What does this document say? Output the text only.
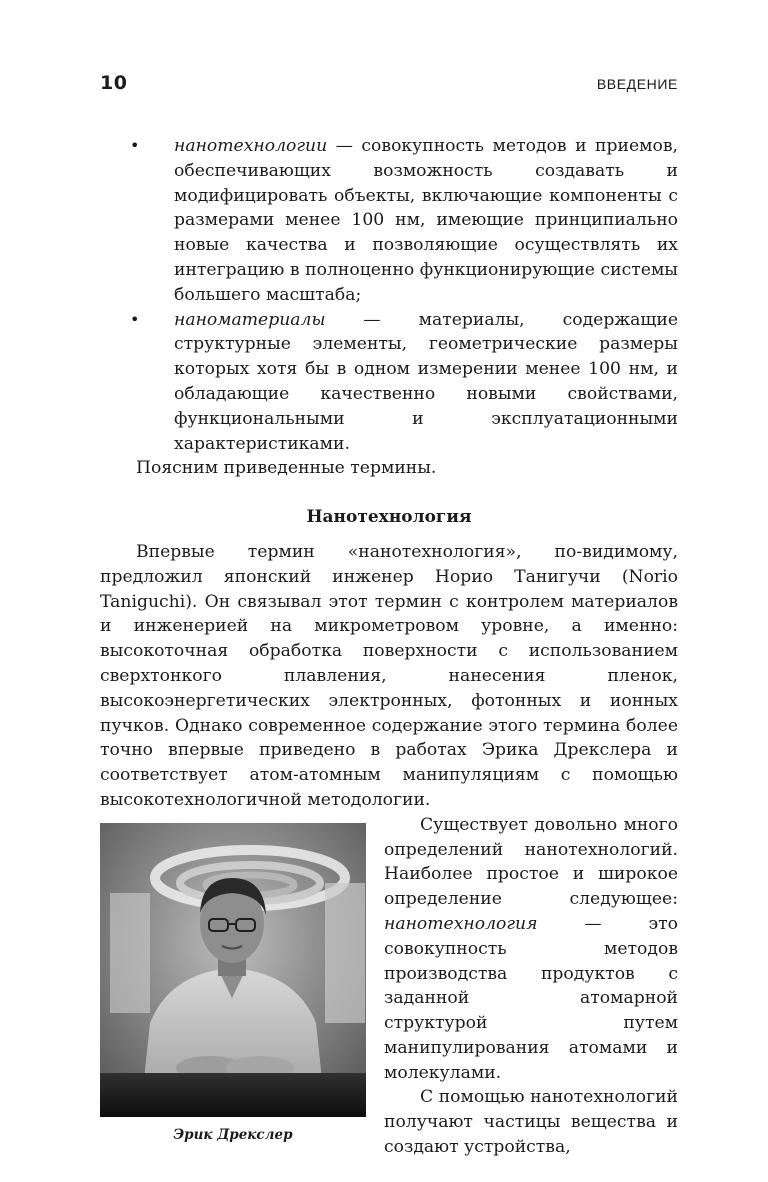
10	ВВЕДЕНИЕ
• нанотехнологии — совокупность методов и приемов, обеспечивающих возможность создавать и модифицировать объекты, включающие компоненты с размерами менее 100 нм, имеющие принципиально новые качества и позволяющие осуществлять их интеграцию в полноценно функционирующие системы большего масштаба;
• наноматериалы — материалы, содержащие структурные элементы, геометрические размеры которых хотя бы в одном измерении менее 100 нм, и обладающие качественно новыми свойствами, функциональными и эксплуатационными характеристиками.

Поясним приведенные термины.

Нанотехнология

Впервые термин «нанотехнология», по-видимому, предложил японский инженер Норио Танигучи (Norio Taniguchi). Он связывал этот термин с контролем материалов и инженерией на микрометровом уровне, а именно: высокоточная обработка поверхности с использованием сверхтонкого плавления, нанесения пленок, высокоэнергетических электронных, фотонных и ионных пучков. Однако современное содержание этого термина более точно впервые приведено в работах Эрика Дрекслера и соответствует атом-атомным манипуляциям с помощью высокотехнологичной методологии.

Эрик Дрекслер

Существует довольно много определений нанотехнологий. Наиболее простое и широкое определение следующее: нанотехнология — это совокупность методов производства продуктов с заданной атомарной структурой путем манипулирования атомами и молекулами.

С помощью нанотехнологий получают частицы вещества и создают устройства,
